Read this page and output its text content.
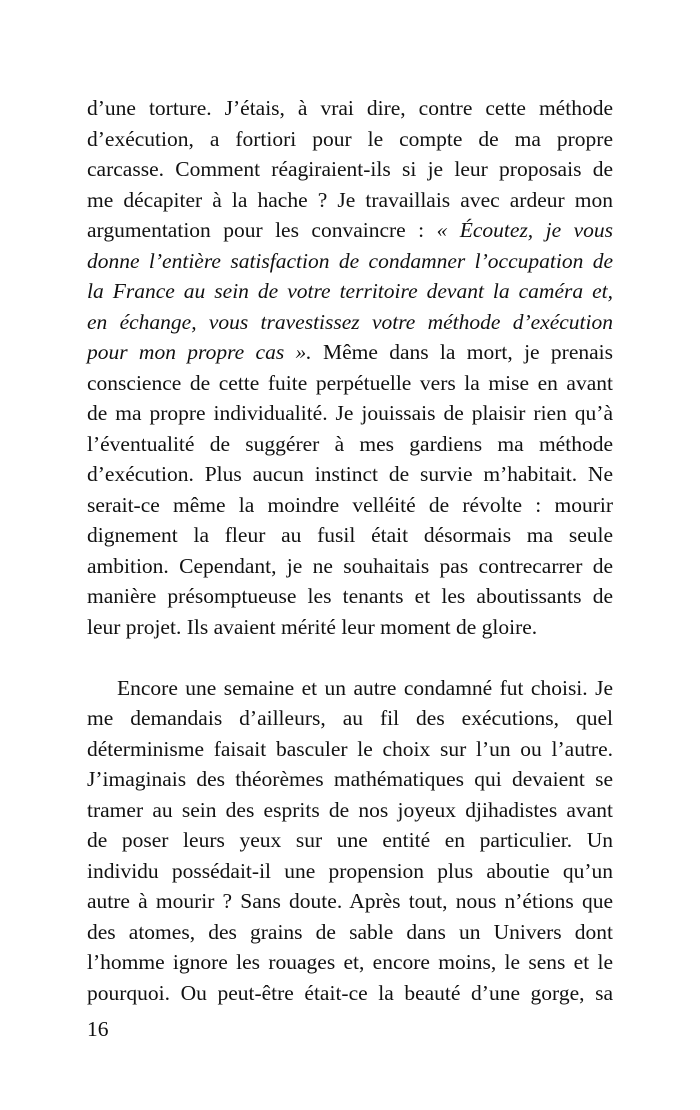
d’une torture. J’étais, à vrai dire, contre cette méthode
d’exécution, a fortiori pour le compte de ma propre
carcasse. Comment réagiraient-ils si je leur proposais de
me décapiter à la hache ? Je travaillais avec ardeur mon
argumentation pour les convaincre : « Écoutez, je vous
donne l’entière satisfaction de condamner l’occupation de
la France au sein de votre territoire devant la caméra et,
en échange, vous travestissez votre méthode d’exécution
pour mon propre cas ». Même dans la mort, je prenais
conscience de cette fuite perpétuelle vers la mise en avant
de ma propre individualité. Je jouissais de plaisir rien qu’à
l’éventualité de suggérer à mes gardiens ma méthode
d’exécution. Plus aucun instinct de survie m’habitait. Ne
serait-ce même la moindre velléité de révolte : mourir
dignement la fleur au fusil était désormais ma seule
ambition. Cependant, je ne souhaitais pas contrecarrer de
manière présomptueuse les tenants et les aboutissants de
leur projet. Ils avaient mérité leur moment de gloire.
Encore une semaine et un autre condamné fut choisi. Je
me demandais d’ailleurs, au fil des exécutions, quel
déterminisme faisait basculer le choix sur l’un ou l’autre.
J’imaginais des théorèmes mathématiques qui devaient se
tramer au sein des esprits de nos joyeux djihadistes avant
de poser leurs yeux sur une entité en particulier. Un
individu possédait-il une propension plus aboutie qu’un
autre à mourir ? Sans doute. Après tout, nous n’étions que
des atomes, des grains de sable dans un Univers dont
l’homme ignore les rouages et, encore moins, le sens et le
pourquoi. Ou peut-être était-ce la beauté d’une gorge, sa
16
